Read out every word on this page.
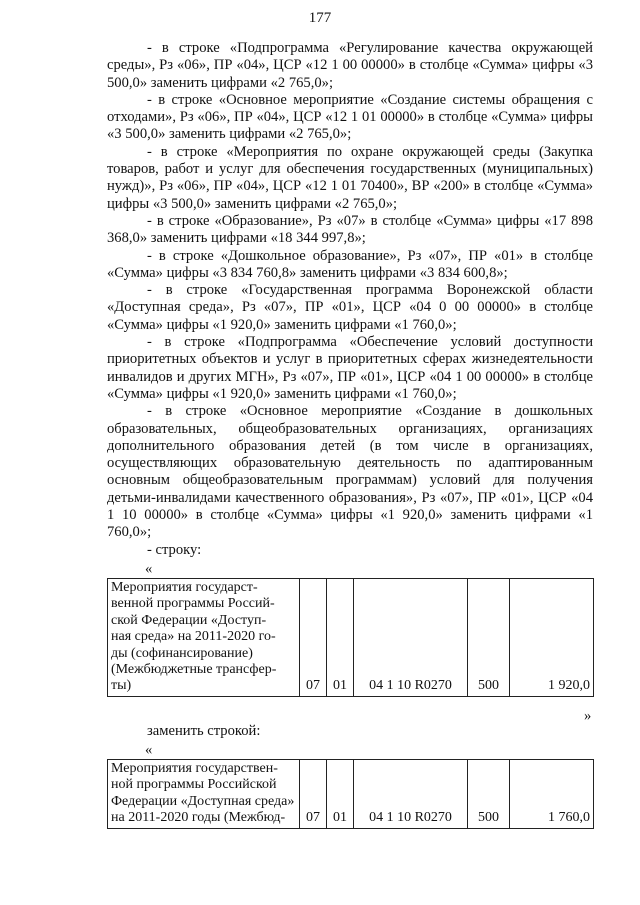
177

- в строке «Подпрограмма «Регулирование качества окружающей среды», Рз «06», ПР «04», ЦСР «12 1 00 00000» в столбце «Сумма» цифры «3 500,0» заменить цифрами «2 765,0»;

- в строке «Основное мероприятие «Создание системы обращения с отходами», Рз «06», ПР «04», ЦСР «12 1 01 00000» в столбце «Сумма» цифры «3 500,0» заменить цифрами «2 765,0»;

- в строке «Мероприятия по охране окружающей среды (Закупка товаров, работ и услуг для обеспечения государственных (муниципальных) нужд)», Рз «06», ПР «04», ЦСР «12 1 01 70400», ВР «200» в столбце «Сумма» цифры «3 500,0» заменить цифрами «2 765,0»;

- в строке «Образование», Рз «07» в столбце «Сумма» цифры «17 898 368,0» заменить цифрами «18 344 997,8»;

- в строке «Дошкольное образование», Рз «07», ПР «01» в столбце «Сумма» цифры «3 834 760,8» заменить цифрами «3 834 600,8»;

- в строке «Государственная программа Воронежской области «Доступная среда», Рз «07», ПР «01», ЦСР «04 0 00 00000» в столбце «Сумма» цифры «1 920,0» заменить цифрами «1 760,0»;

- в строке «Подпрограмма «Обеспечение условий доступности приоритетных объектов и услуг в приоритетных сферах жизнедеятельности инвалидов и других МГН», Рз «07», ПР «01», ЦСР «04 1 00 00000» в столбце «Сумма» цифры «1 920,0» заменить цифрами «1 760,0»;

- в строке «Основное мероприятие «Создание в дошкольных образовательных, общеобразовательных организациях, организациях дополнительного образования детей (в том числе в организациях, осуществляющих образовательную деятельность по адаптированным основным общеобразовательным программам) условий для получения детьми-инвалидами качественного образования», Рз «07», ПР «01», ЦСР «04 1 10 00000» в столбце «Сумма» цифры «1 920,0» заменить цифрами «1 760,0»;

- строку:

«
Мероприятия государст-
венной программы Россий-
ской Федерации «Доступ-
ная среда» на 2011-2020 го-
ды (софинансирование)
(Межбюджетные трансфер-
ты)	07	01	04 1 10 R0270	500	1 920,0
»
заменить строкой:
«
Мероприятия государствен-
ной программы Российской
Федерации «Доступная среда»
на 2011-2020 годы (Межбюд-	07	01	04 1 10 R0270	500	1 760,0
